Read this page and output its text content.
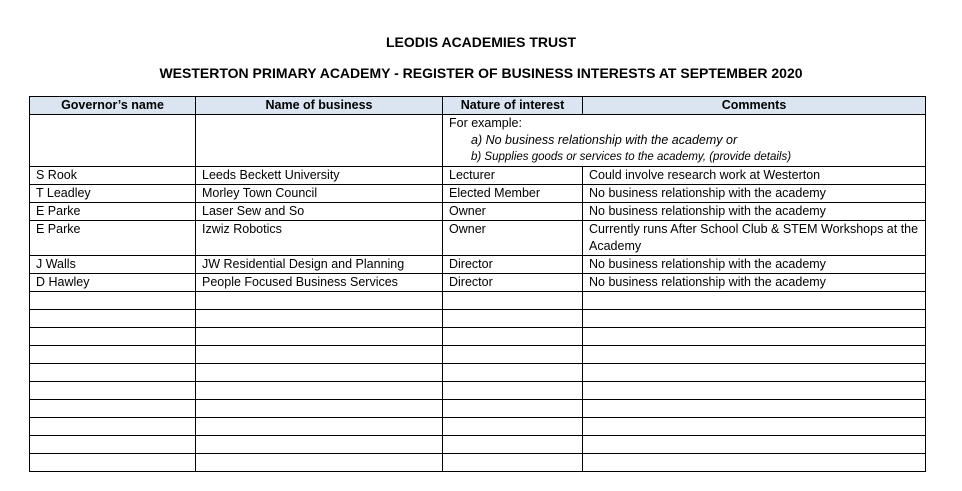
LEODIS ACADEMIES TRUST
WESTERTON PRIMARY ACADEMY - REGISTER OF BUSINESS INTERESTS AT SEPTEMBER 2020
Governor’s name	Name of business	Nature of interest	Comments

		For example:
a) No business relationship with the academy or
b) Supplies goods or services to the academy, (provide details)	

S Rook	Leeds Beckett University	Lecturer	Could involve research work at Westerton
T Leadley	Morley Town Council	Elected Member	No business relationship with the academy
E Parke	Laser Sew and So	Owner	No business relationship with the academy
E Parke	Izwiz Robotics	Owner	Currently runs After School Club & STEM Workshops at the Academy
J Walls	JW Residential Design and Planning	Director	No business relationship with the academy
D Hawley	People Focused Business Services	Director	No business relationship with the academy
